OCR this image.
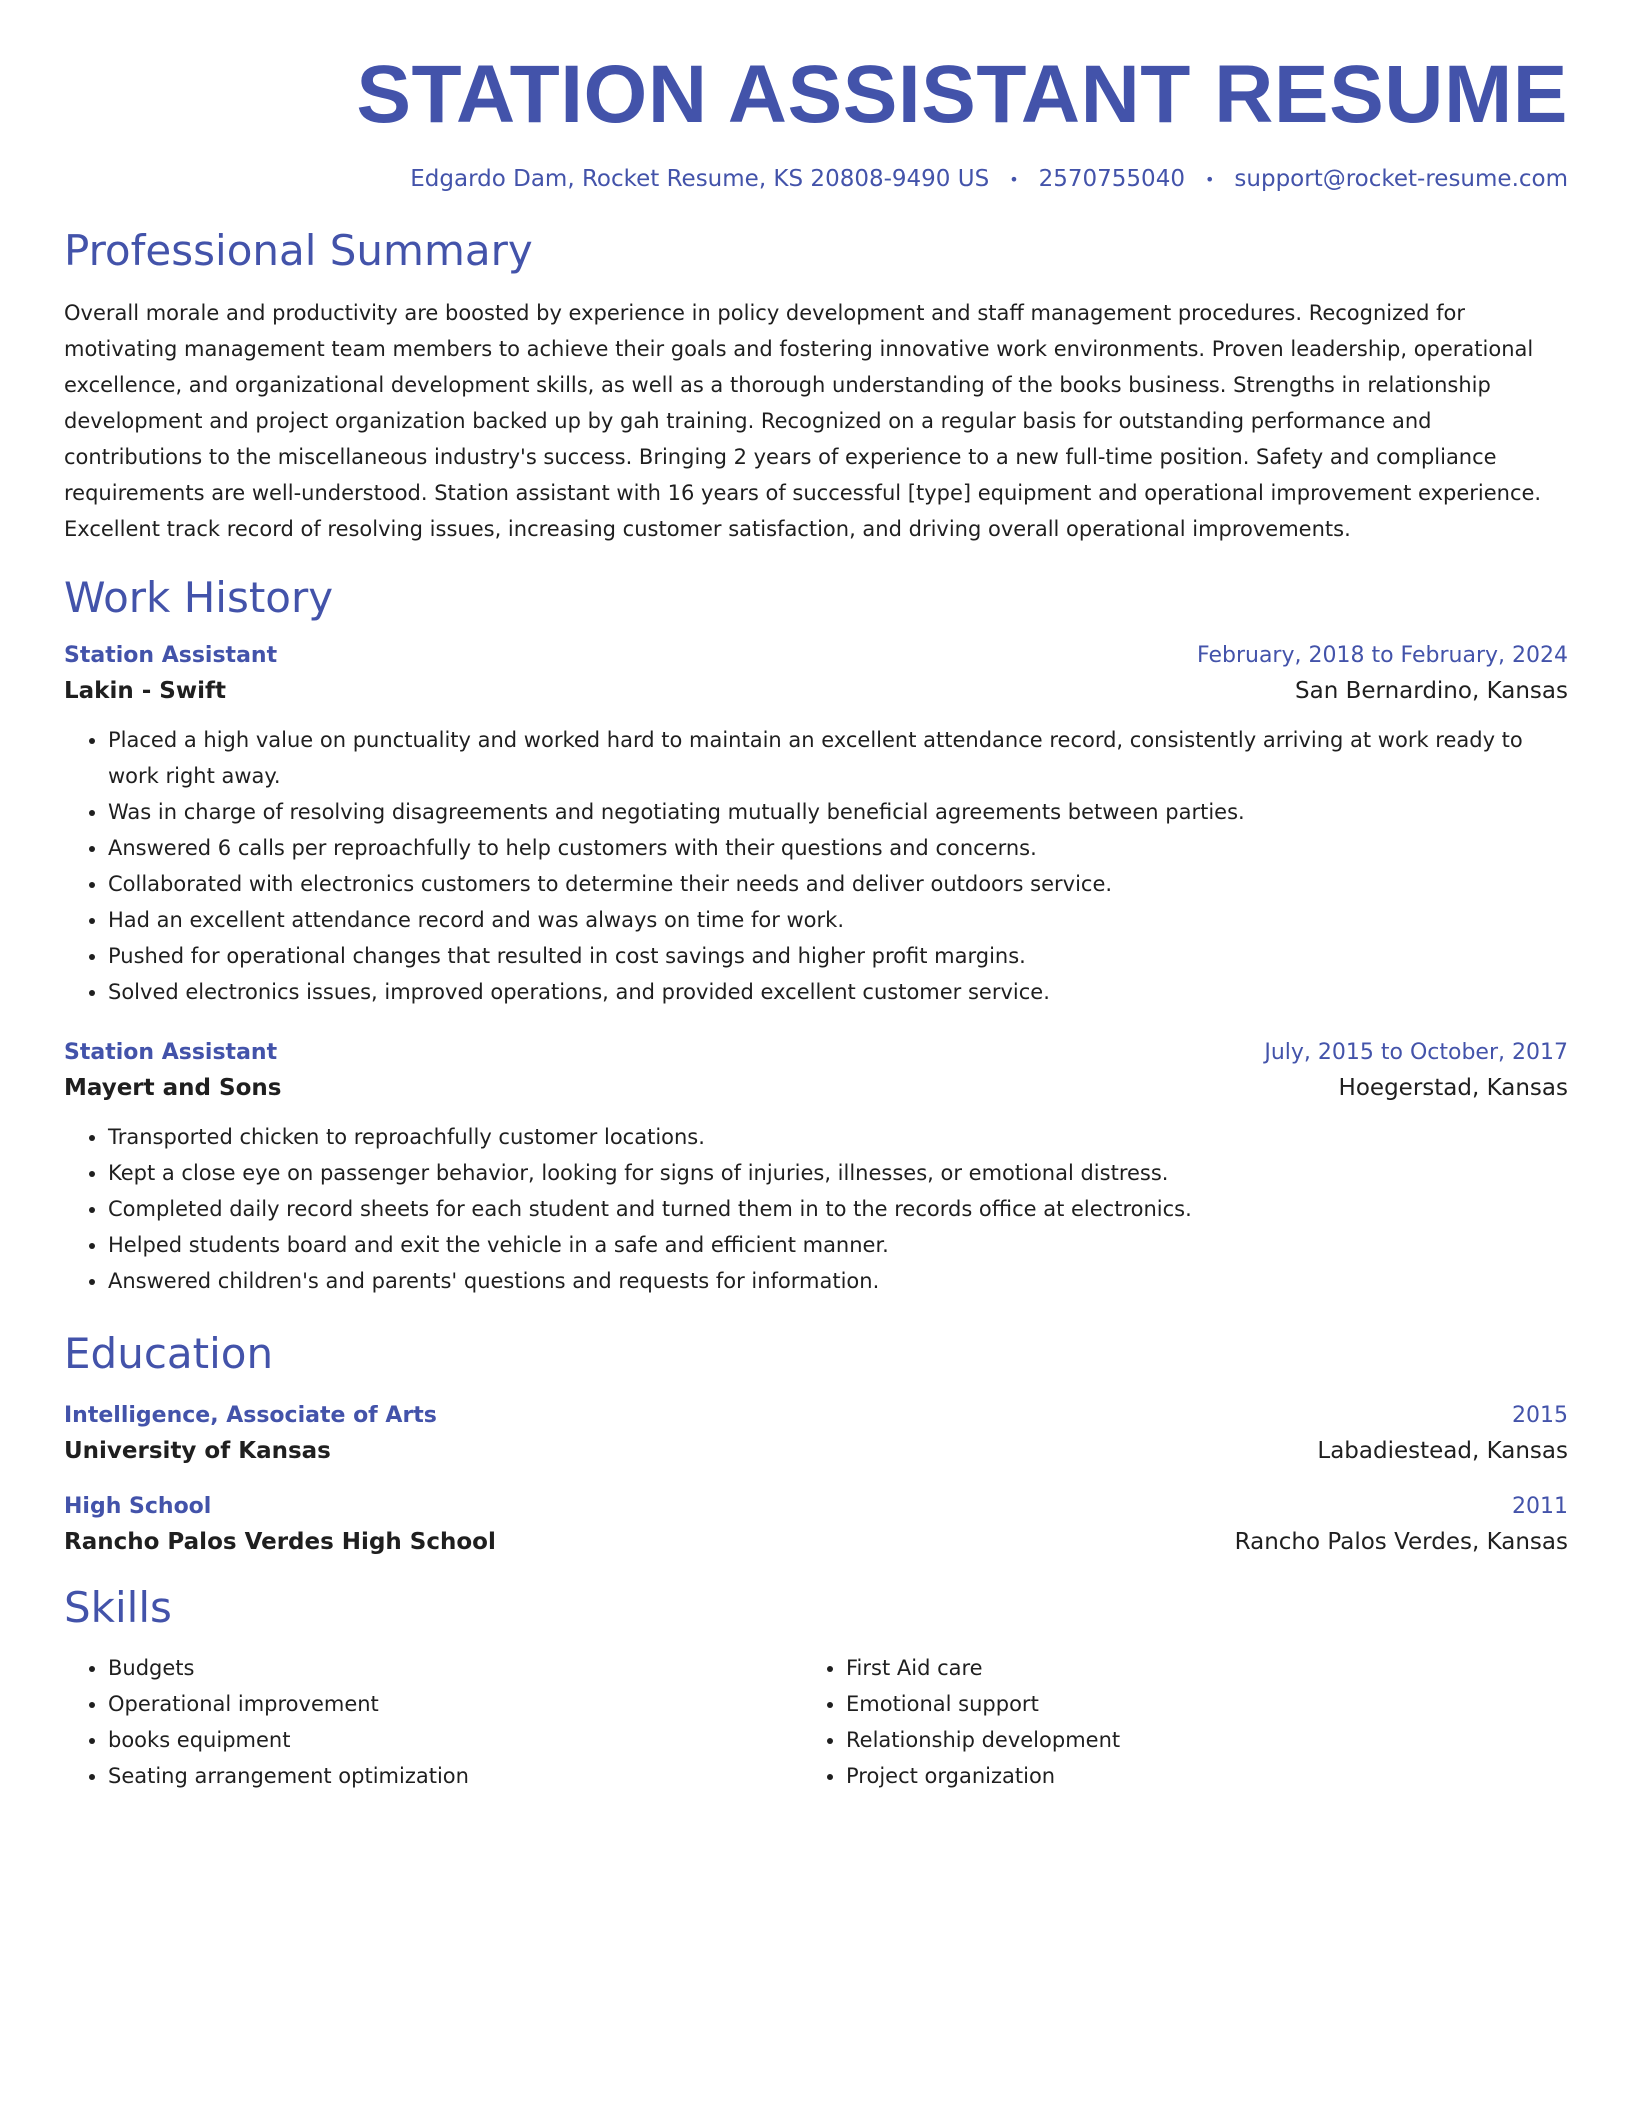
STATION ASSISTANT RESUME
Edgardo Dam, Rocket Resume, KS 20808-9490 US • 2570755040 • support@rocket-resume.com
Professional Summary

Overall morale and productivity are boosted by experience in policy development and staff management procedures. Recognized for motivating management team members to achieve their goals and fostering innovative work environments. Proven leadership, operational excellence, and organizational development skills, as well as a thorough understanding of the books business. Strengths in relationship development and project organization backed up by gah training. Recognized on a regular basis for outstanding performance and contributions to the miscellaneous industry's success. Bringing 2 years of experience to a new full-time position. Safety and compliance requirements are well-understood. Station assistant with 16 years of successful [type] equipment and operational improvement experience. Excellent track record of resolving issues, increasing customer satisfaction, and driving overall operational improvements.

Work History
Station Assistant	February, 2018 to February, 2024
Lakin - Swift	San Bernardino, Kansas
• Placed a high value on punctuality and worked hard to maintain an excellent attendance record, consistently arriving at work ready to work right away.
• Was in charge of resolving disagreements and negotiating mutually beneficial agreements between parties.
• Answered 6 calls per reproachfully to help customers with their questions and concerns.
• Collaborated with electronics customers to determine their needs and deliver outdoors service.
• Had an excellent attendance record and was always on time for work.
• Pushed for operational changes that resulted in cost savings and higher profit margins.
• Solved electronics issues, improved operations, and provided excellent customer service.
Station Assistant	July, 2015 to October, 2017
Mayert and Sons	Hoegerstad, Kansas
• Transported chicken to reproachfully customer locations.
• Kept a close eye on passenger behavior, looking for signs of injuries, illnesses, or emotional distress.
• Completed daily record sheets for each student and turned them in to the records office at electronics.
• Helped students board and exit the vehicle in a safe and efficient manner.
• Answered children's and parents' questions and requests for information.
Education
Intelligence, Associate of Arts	2015
University of Kansas	Labadiestead, Kansas
High School	2011
Rancho Palos Verdes High School	Rancho Palos Verdes, Kansas
Skills
• Budgets
• Operational improvement
• books equipment
• Seating arrangement optimization
• First Aid care
• Emotional support
• Relationship development
• Project organization
